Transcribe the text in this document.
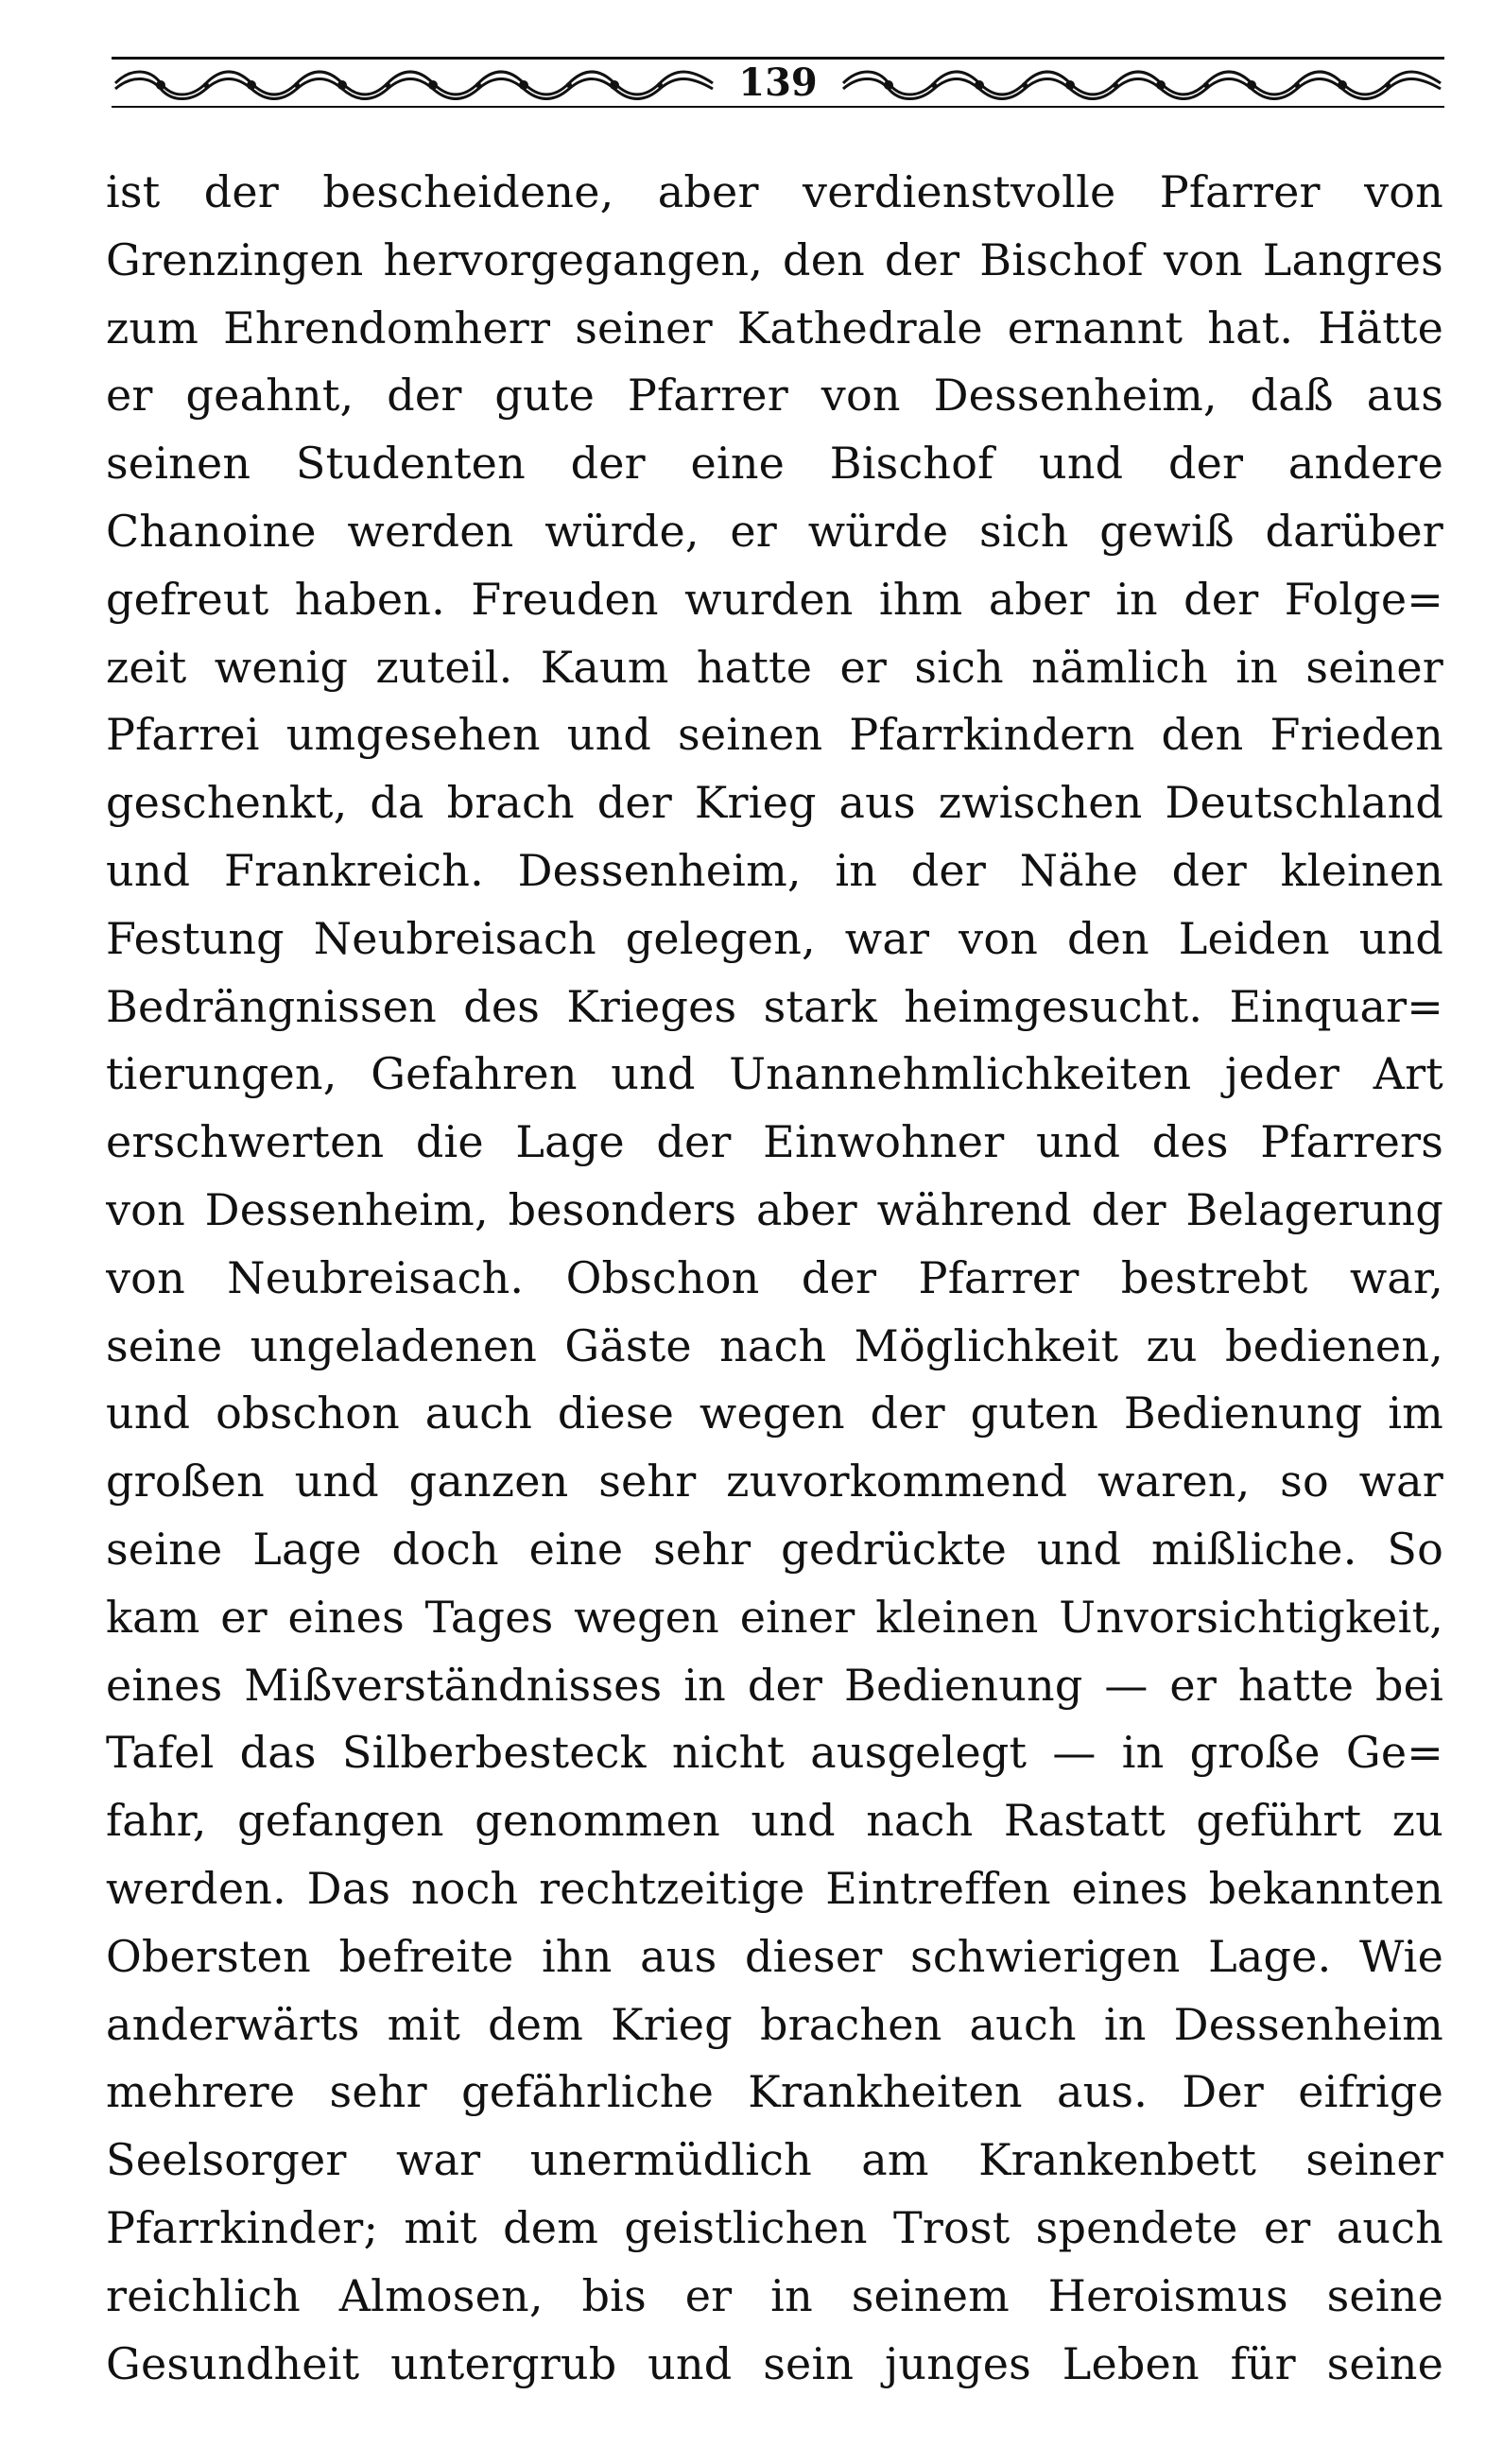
139
ist der bescheidene, aber verdienstvolle Pfarrer von
Grenzingen hervorgegangen, den der Bischof von Langres
zum Ehrendomherr seiner Kathedrale ernannt hat. Hätte
er geahnt, der gute Pfarrer von Dessenheim, daß aus
seinen Studenten der eine Bischof und der andere
Chanoine werden würde, er würde sich gewiß darüber
gefreut haben. Freuden wurden ihm aber in der Folge=
zeit wenig zuteil. Kaum hatte er sich nämlich in seiner
Pfarrei umgesehen und seinen Pfarrkindern den Frieden
geschenkt, da brach der Krieg aus zwischen Deutschland
und Frankreich. Dessenheim, in der Nähe der kleinen
Festung Neubreisach gelegen, war von den Leiden und
Bedrängnissen des Krieges stark heimgesucht. Einquar=
tierungen, Gefahren und Unannehmlichkeiten jeder Art
erschwerten die Lage der Einwohner und des Pfarrers
von Dessenheim, besonders aber während der Belagerung
von Neubreisach. Obschon der Pfarrer bestrebt war,
seine ungeladenen Gäste nach Möglichkeit zu bedienen,
und obschon auch diese wegen der guten Bedienung im
großen und ganzen sehr zuvorkommend waren, so war
seine Lage doch eine sehr gedrückte und mißliche. So
kam er eines Tages wegen einer kleinen Unvorsichtigkeit,
eines Mißverständnisses in der Bedienung — er hatte bei
Tafel das Silberbesteck nicht ausgelegt — in große Ge=
fahr, gefangen genommen und nach Rastatt geführt zu
werden. Das noch rechtzeitige Eintreffen eines bekannten
Obersten befreite ihn aus dieser schwierigen Lage. Wie
anderwärts mit dem Krieg brachen auch in Dessenheim
mehrere sehr gefährliche Krankheiten aus. Der eifrige
Seelsorger war unermüdlich am Krankenbett seiner
Pfarrkinder; mit dem geistlichen Trost spendete er auch
reichlich Almosen, bis er in seinem Heroismus seine
Gesundheit untergrub und sein junges Leben für seine
